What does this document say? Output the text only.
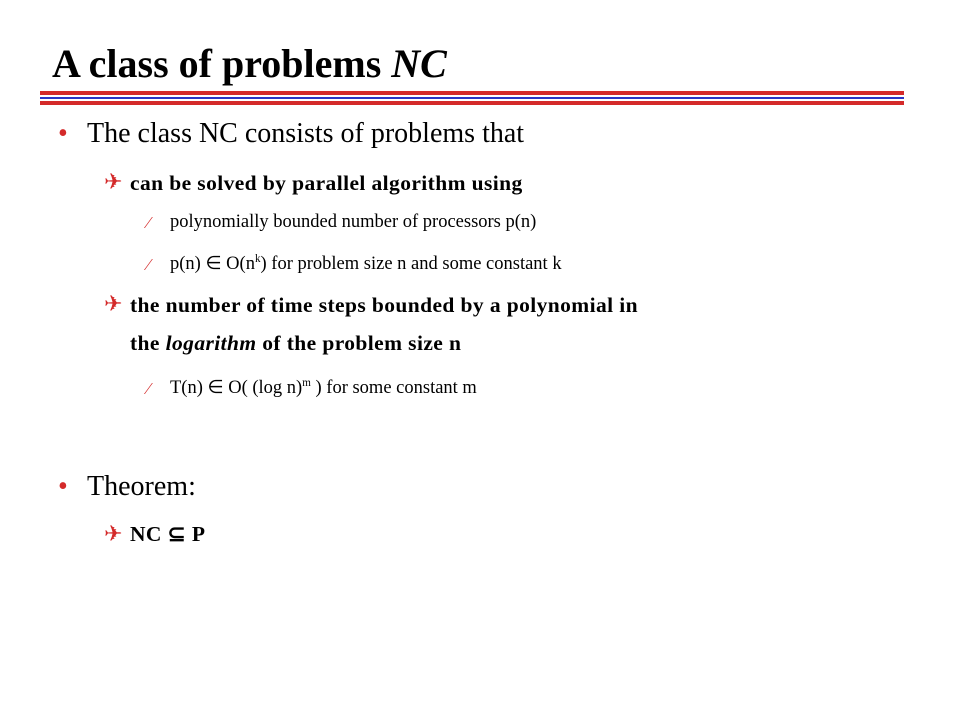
A class of problems NC
• The class NC consists of problems that
✈ can be solved by parallel algorithm using
⁄ polynomially bounded number of processors p(n)
⁄ p(n) ∈ $O(n^k)$ for problem size n and some constant k
✈ the number of time steps bounded by a polynomial in
the logarithm of the problem size n
⁄ T(n) ∈ O( (log n)$^m$ ) for some constant m
• Theorem:
✈ NC ⊆ P
